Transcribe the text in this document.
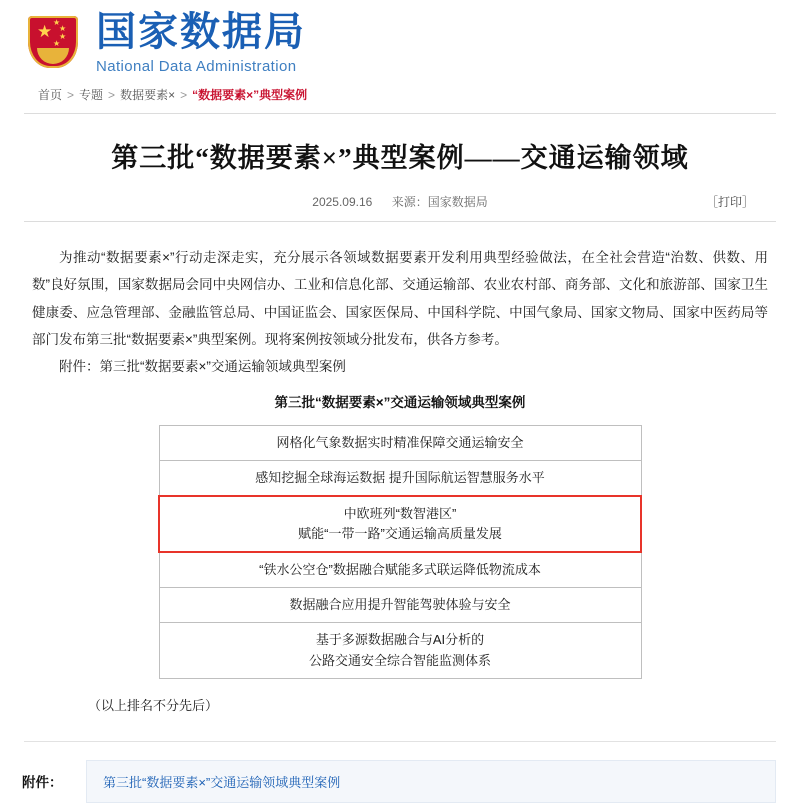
★ ★
★
★
★ 国家数据局
National Data Administration
首页 > 专题 > 数据要素× > “数据要素×”典型案例
第三批“数据要素×”典型案例——交通运输领域
2025.09.16 来源：国家数据局	［打印］

为推动“数据要素×”行动走深走实，充分展示各领域数据要素开发利用典型经验做法，在全社会营造“治数、供数、用数”良好氛围，国家数据局会同中央网信办、工业和信息化部、交通运输部、农业农村部、商务部、文化和旅游部、国家卫生健康委、应急管理部、金融监管总局、中国证监会、国家医保局、中国科学院、中国气象局、国家文物局、国家中医药局等部门发布第三批“数据要素×”典型案例。现将案例按领域分批发布，供各方参考。

附件：第三批“数据要素×”交通运输领域典型案例

第三批“数据要素×”交通运输领域典型案例
网格化气象数据实时精准保障交通运输安全
感知挖掘全球海运数据 提升国际航运智慧服务水平

中欧班列“数智港区”
赋能“一带一路”交通运输高质量发展

“铁水公空仓”数据融合赋能多式联运降低物流成本
数据融合应用提升智能驾驶体验与安全

基于多源数据融合与AI分析的
公路交通安全综合智能监测体系
（以上排名不分先后）
附件：	第三批“数据要素×”交通运输领域典型案例
